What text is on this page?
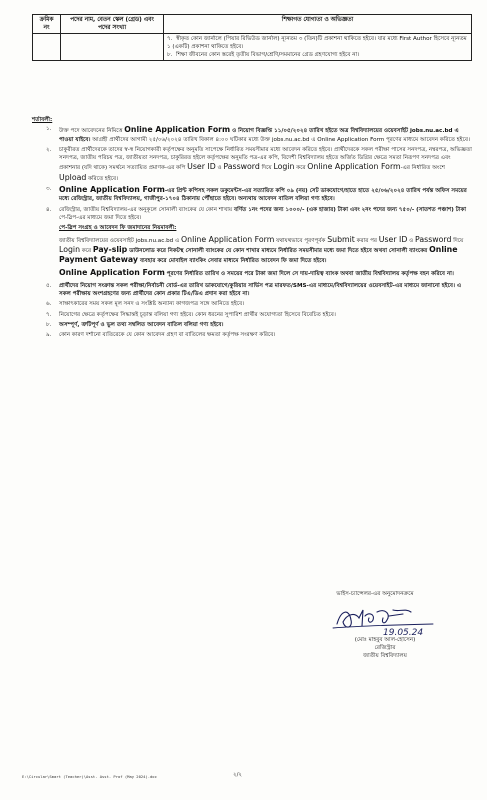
ক্রমিক নং	পদের নাম, বেতন স্কেল (গ্রেড) এবং পদের সংখ্যা	শিক্ষাগত যোগ্যতা ও অভিজ্ঞতা

		৭. স্বীকৃত কোন জার্নালে (পিয়ার রিভিউড জার্নাল) ন্যূনতম ৩ (তিন)টি প্রকাশনা থাকিতে হইবে। যার মধ্যে First Author হিসেবে ন্যূনতম ১ (একটি) প্রকাশনা থাকিতে হইবে।

৮. শিক্ষা জীবনের কোন স্তরেই তৃতীয় বিভাগ/শ্রেণি/সমমানের গ্রেড গ্রহণযোগ্য হইবে না।

শর্তাবলী:
১.	উক্ত পদে আবেদনের নিমিত্তে Online Application Form ও নিয়োগ বিজ্ঞপ্তি ১১/০৫/২০২৪ তারিখ হইতে অত্র বিশ্ববিদ্যালয়ের ওয়েবসাইট jobs.nu.ac.bd এ পাওয়া যাইবে। আগ্রহী প্রার্থীদের আগামী ২৫/০৬/২০২৪ তারিখ বিকাল ৪:০০ ঘটিকার মধ্যে উক্ত jobs.nu.ac.bd এ Online Application Form পূরণের মাধ্যমে আবেদন করিতে হইবে।
২.	চাকুরীরত প্রার্থীদেরকে তাদের স্ব-স্ব নিয়োগকারী কর্তৃপক্ষের অনুমতি সাপেক্ষে নির্ধারিত সময়সীমার মধ্যে আবেদন করিতে হইবে। প্রার্থীদেরকে সকল পরীক্ষা পাসের সনদপত্র, নম্বরপত্র, অভিজ্ঞতা সনদপত্র, জাতীয় পরিচয় পত্র, জাতীয়তা সনদপত্র, চাকুরিরত হইলে কর্তৃপক্ষের অনুমতি পত্র-এর কপি, বিদেশী বিশ্ববিদ্যালয় হইতে অর্জিত ডিগ্রির ক্ষেত্রে সমতা নিরূপণ সনদপত্র এবং প্রকাশনার (যদি থাকে) সমর্থনে সত্যায়িত প্রমাণক-এর কপি User ID ও Password দিয়ে Login করে Online Application Form-এর নির্ধারিত অংশে Upload করিতে হইবে।
৩. Online Application Form-এর প্রিন্ট কপিসহ সকল ডকুমেন্টস-এর সত্যায়িত কপি ০৯ (নয়) সেট ডাকযোগে/হাতে হাতে ২৫/০৬/২০২৪ তারিখ পর্যন্ত অফিস সময়ের মধ্যে রেজিস্ট্রার, জাতীয় বিশ্ববিদ্যালয়, গাজীপুর-১৭০৪ ঠিকানায় পৌঁছাতে হইবে। অন্যথায় আবেদন বাতিল বলিয়া গণ্য হইবে।
৪.	রেজিস্ট্রার, জাতীয় বিশ্ববিদ্যালয়-এর অনুকূলে সোনালী ব্যাংকের যে কোন শাখায় বর্ণিত ১নং পদের জন্য ১০০০/- (এক হাজার) টাকা এবং ২নং পদের জন্য ৭৫০/- (সাতশত পঞ্চাশ) টাকা পে-স্লিপ-এর মাধ্যমে জমা দিতে হইবে।
পে-স্লিপ সংগ্রহ ও আবেদন ফি জমাদানের নিয়মাবলী:
জাতীয় বিশ্ববিদ্যালয়ের ওয়েবসাইট jobs.nu.ac.bd এ Online Application Form যথাযথভাবে পূরণপূর্বক Submit করার পর User ID ও Password দিয়ে Login করে Pay-slip ডাউনলোড করে নিকটস্থ সোনালী ব্যাংকের যে কোন শাখার মাধ্যমে নির্ধারিত সময়সীমার মধ্যে জমা দিতে হইবে অথবা সোনালী ব্যাংকের Online Payment Gateway ব্যবহার করে মোবাইল ব্যাংকিং সেবার মাধ্যমে নির্ধারিত আবেদন ফি জমা দিতে হইবে।
Online Application Form পূরণের নির্ধারিত তারিখ ও সময়ের পরে টাকা জমা দিলে সে দায়-দায়িত্ব ব্যাংক অথবা জাতীয় বিশ্ববিদ্যালয় কর্তৃপক্ষ বহন করিবে না।
৫.	প্রার্থীদের নিয়োগ সংক্রান্ত সকল পরীক্ষা/নির্বাচনী বোর্ড-এর তারিখ ডাকযোগে/কুরিয়ার সার্ভিস পত্র মারফত/SMS-এর মাধ্যমে/বিশ্ববিদ্যালয়ের ওয়েবসাইট-এর মাধ্যমে জানানো হইবে। এ সকল পরীক্ষায় অংশগ্রহণের জন্য প্রার্থীদের কোন প্রকার টিএ/ডিএ প্রদান করা হইবে না।
৬.	সাক্ষাৎকারের সময় সকল মূল সনদ ও সংশ্লিষ্ট অন্যান্য কাগজপত্র সঙ্গে আনিতে হইবে।
৭.	নিয়োগের ক্ষেত্রে কর্তৃপক্ষের সিদ্ধান্তই চূড়ান্ত বলিয়া গণ্য হইবে। কোন ধরনের সুপারিশ প্রার্থীর অযোগ্যতা হিসেবে বিবেচিত হইবে।
৮.	অসম্পূর্ণ, ত্রুটিপূর্ণ ও ভুল তথ্য সম্বলিত আবেদন বাতিল বলিয়া গণ্য হইবে।
৯.	কোন কারণ দর্শানো ব্যতিরেকে যে কোন আবেদন গ্রহণ বা বাতিলের ক্ষমতা কর্তৃপক্ষ সংরক্ষণ করিবে।
ভাইস-চ্যান্সেলর-এর অনুমোদনক্রমে
19.05.24
(মোঃ মাহবুব আল-হোসেন)
রেজিস্ট্রার
জাতীয় বিশ্ববিদ্যালয়
E:\Circular\Smart (Teacher)\Asst. Asst. Prof (May 2024).doc	২/২
